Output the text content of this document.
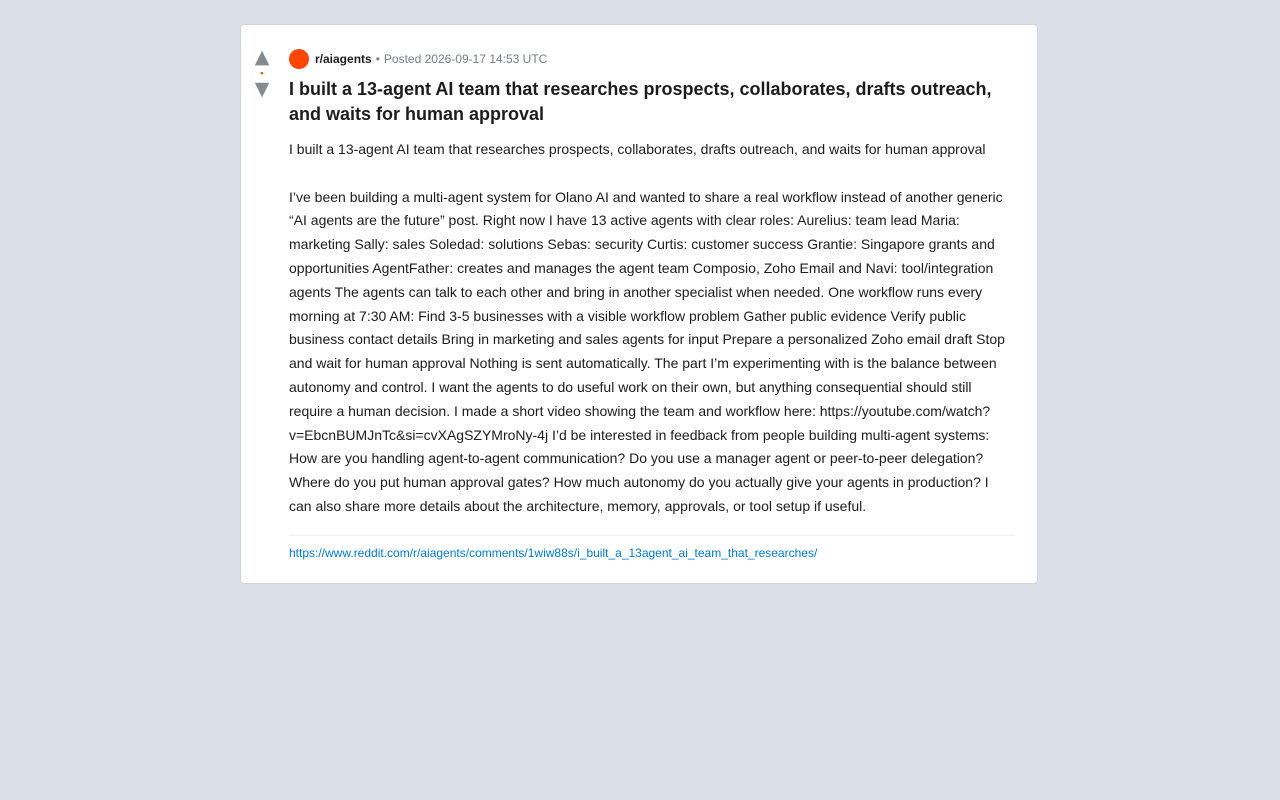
▲
•
▼
r/aiagents • Posted 2026-09-17 14:53 UTC
I built a 13-agent AI team that researches prospects, collaborates, drafts outreach, and waits for human approval
I built a 13-agent AI team that researches prospects, collaborates, drafts outreach, and waits for human approval

I’ve been building a multi-agent system for Olano AI and wanted to share a real workflow instead of another generic “AI agents are the future” post. Right now I have 13 active agents with clear roles: Aurelius: team lead Maria: marketing Sally: sales Soledad: solutions Sebas: security Curtis: customer success Grantie: Singapore grants and opportunities AgentFather: creates and manages the agent team Composio, Zoho Email and Navi: tool/integration agents The agents can talk to each other and bring in another specialist when needed. One workflow runs every morning at 7:30 AM: Find 3-5 businesses with a visible workflow problem Gather public evidence Verify public business contact details Bring in marketing and sales agents for input Prepare a personalized Zoho email draft Stop and wait for human approval Nothing is sent automatically. The part I’m experimenting with is the balance between autonomy and control. I want the agents to do useful work on their own, but anything consequential should still require a human decision. I made a short video showing the team and workflow here: https://youtube.com/watch?v=EbcnBUMJnTc&si=cvXAgSZYMroNy-4j I’d be interested in feedback from people building multi-agent systems: How are you handling agent-to-agent communication? Do you use a manager agent or peer-to-peer delegation? Where do you put human approval gates? How much autonomy do you actually give your agents in production? I can also share more details about the architecture, memory, approvals, or tool setup if useful.
https://www.reddit.com/r/aiagents/comments/1wiw88s/i_built_a_13agent_ai_team_that_researches/
